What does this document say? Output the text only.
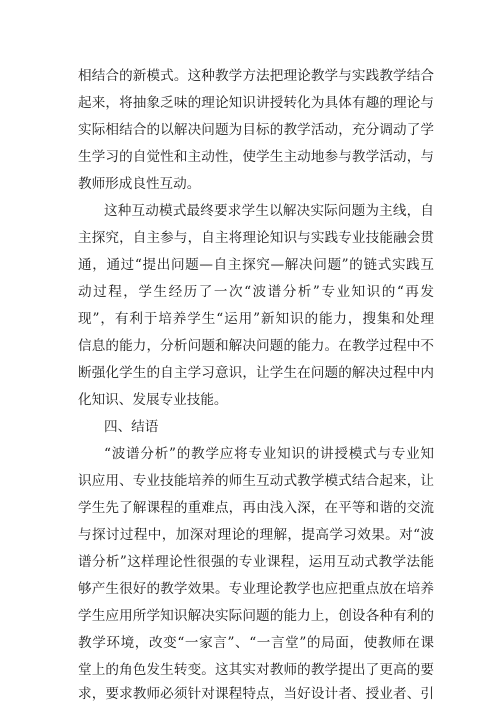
相结合的新模式。这种教学方法把理论教学与实践教学结合
起来，将抽象乏味的理论知识讲授转化为具体有趣的理论与
实际相结合的以解决问题为目标的教学活动，充分调动了学
生学习的自觉性和主动性，使学生主动地参与教学活动，与
教师形成良性互动。
这种互动模式最终要求学生以解决实际问题为主线，自
主探究，自主参与，自主将理论知识与实践专业技能融会贯
通，通过“提出问题—自主探究—解决问题”的链式实践互
动过程，学生经历了一次“波谱分析”专业知识的“再发
现”，有利于培养学生“运用”新知识的能力，搜集和处理
信息的能力，分析问题和解决问题的能力。在教学过程中不
断强化学生的自主学习意识，让学生在问题的解决过程中内
化知识、发展专业技能。
四、结语
“波谱分析”的教学应将专业知识的讲授模式与专业知
识应用、专业技能培养的师生互动式教学模式结合起来，让
学生先了解课程的重难点，再由浅入深，在平等和谐的交流
与探讨过程中，加深对理论的理解，提高学习效果。对“波
谱分析”这样理论性很强的专业课程，运用互动式教学法能
够产生很好的教学效果。专业理论教学也应把重点放在培养
学生应用所学知识解决实际问题的能力上，创设各种有利的
教学环境，改变“一家言”、“一言堂”的局面，使教师在课
堂上的角色发生转变。这其实对教师的教学提出了更高的要
求，要求教师必须针对课程特点，当好设计者、授业者、引
